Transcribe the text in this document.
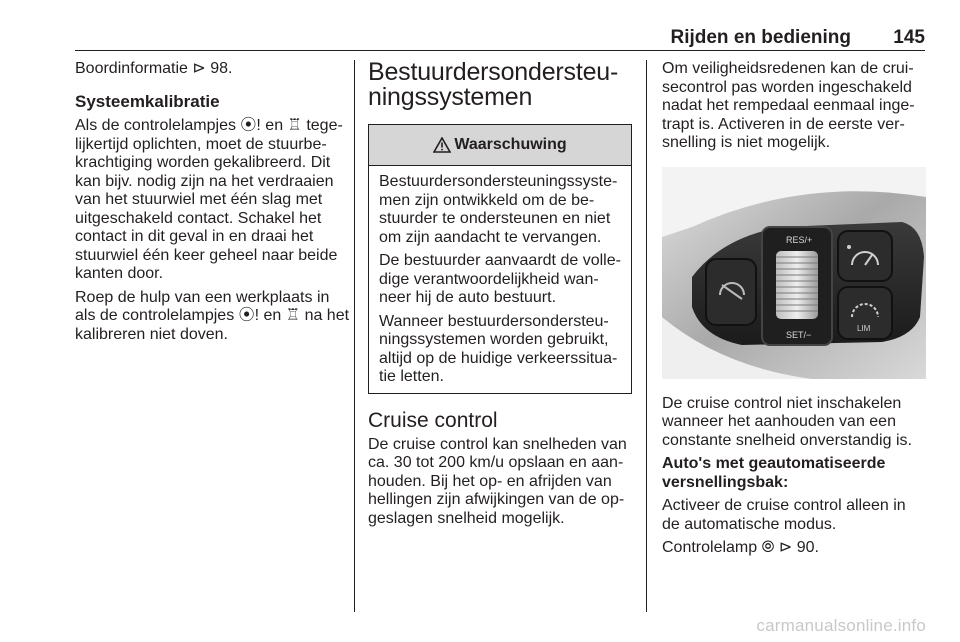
Rijden en bediening 145

Boordinformatie ⊳ 98.

Systeemkalibratie

Als de controlelampjes ⦿! en ♖ tege-lijkertijd oplichten, moet de stuurbe-krachtiging worden gekalibreerd. Dit kan bijv. nodig zijn na het verdraaien van het stuurwiel met één slag met uitgeschakeld contact. Schakel het contact in dit geval in en draai het stuurwiel één keer geheel naar beide kanten door.

Roep de hulp van een werkplaats in als de controlelampjes ⦿! en ♖ na het kalibreren niet doven.

Bestuurdersondersteu-ningssystemen
Waarschuwing

Bestuurdersondersteuningssyste-men zijn ontwikkeld om de be-stuurder te ondersteunen en niet om zijn aandacht te vervangen.

De bestuurder aanvaardt de volle-dige verantwoordelijkheid wan-neer hij de auto bestuurt.

Wanneer bestuurdersondersteu-ningssystemen worden gebruikt, altijd op de huidige verkeerssitua-tie letten.

Cruise control

De cruise control kan snelheden van ca. 30 tot 200 km/u opslaan en aan-houden. Bij het op- en afrijden van hellingen zijn afwijkingen van de op-geslagen snelheid mogelijk.

Om veiligheidsredenen kan de crui-secontrol pas worden ingeschakeld nadat het rempedaal eenmaal inge-trapt is. Activeren in de eerste ver-snelling is niet mogelijk.

RES/+
SET/−
LIM

De cruise control niet inschakelen wanneer het aanhouden van een constante snelheid onverstandig is.

Auto's met geautomatiseerde versnellingsbak:

Activeer de cruise control alleen in de automatische modus.

Controlelamp ⦾ ⊳ 90.

carmanualsonline.info
